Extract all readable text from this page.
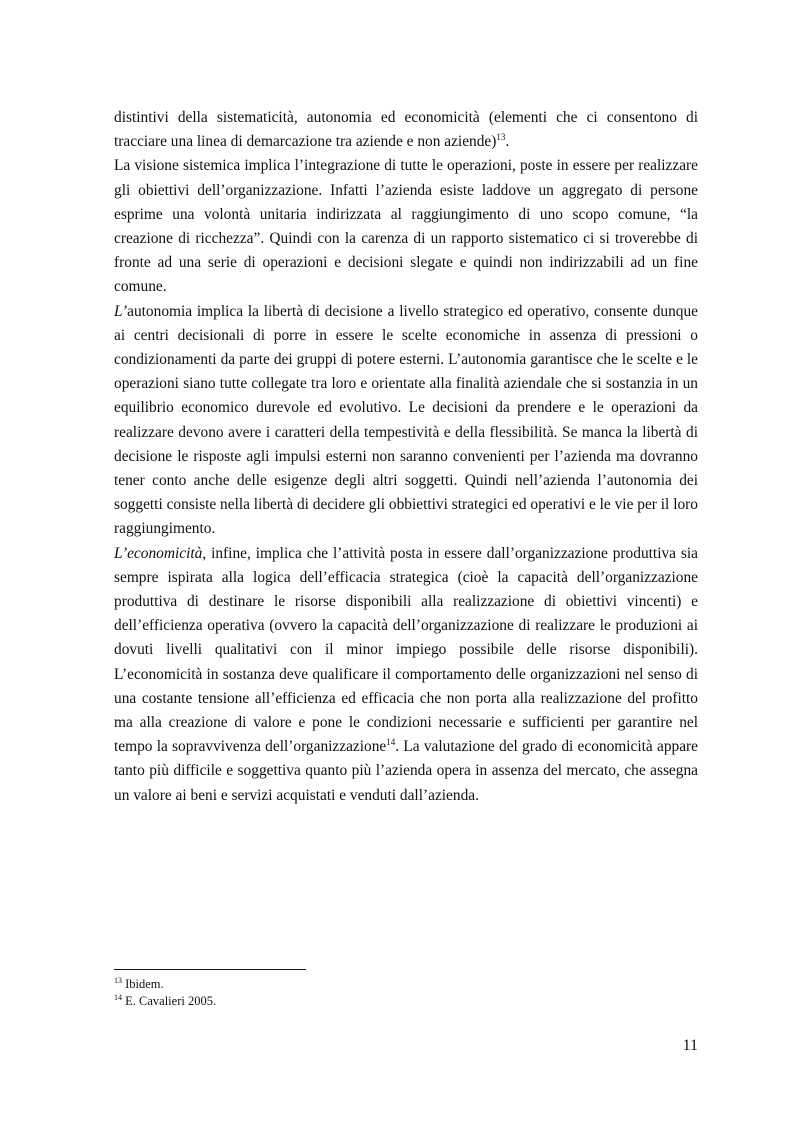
distintivi della sistematicità, autonomia ed economicità (elementi che ci consentono di tracciare una linea di demarcazione tra aziende e non aziende)$^{13}$.

La visione sistemica implica l’integrazione di tutte le operazioni, poste in essere per realizzare gli obiettivi dell’organizzazione. Infatti l’azienda esiste laddove un aggregato di persone esprime una volontà unitaria indirizzata al raggiungimento di uno scopo comune, “la creazione di ricchezza”. Quindi con la carenza di un rapporto sistematico ci si troverebbe di fronte ad una serie di operazioni e decisioni slegate e quindi non indirizzabili ad un fine comune.

L’autonomia implica la libertà di decisione a livello strategico ed operativo, consente dunque ai centri decisionali di porre in essere le scelte economiche in assenza di pressioni o condizionamenti da parte dei gruppi di potere esterni. L’autonomia garantisce che le scelte e le operazioni siano tutte collegate tra loro e orientate alla finalità aziendale che si sostanzia in un equilibrio economico durevole ed evolutivo. Le decisioni da prendere e le operazioni da realizzare devono avere i caratteri della tempestività e della flessibilità. Se manca la libertà di decisione le risposte agli impulsi esterni non saranno convenienti per l’azienda ma dovranno tener conto anche delle esigenze degli altri soggetti. Quindi nell’azienda l’autonomia dei soggetti consiste nella libertà di decidere gli obbiettivi strategici ed operativi e le vie per il loro raggiungimento.

L’economicità, infine, implica che l’attività posta in essere dall’organizzazione produttiva sia sempre ispirata alla logica dell’efficacia strategica (cioè la capacità dell’organizzazione produttiva di destinare le risorse disponibili alla realizzazione di obiettivi vincenti) e dell’efficienza operativa (ovvero la capacità dell’organizzazione di realizzare le produzioni ai dovuti livelli qualitativi con il minor impiego possibile delle risorse disponibili). L’economicità in sostanza deve qualificare il comportamento delle organizzazioni nel senso di una costante tensione all’efficienza ed efficacia che non porta alla realizzazione del profitto ma alla creazione di valore e pone le condizioni necessarie e sufficienti per garantire nel tempo la sopravvivenza dell’organizzazione$^{14}$. La valutazione del grado di economicità appare tanto più difficile e soggettiva quanto più l’azienda opera in assenza del mercato, che assegna un valore ai beni e servizi acquistati e venduti dall’azienda.

$^{13}$ Ibidem.
$^{14}$ E. Cavalieri 2005.
11
